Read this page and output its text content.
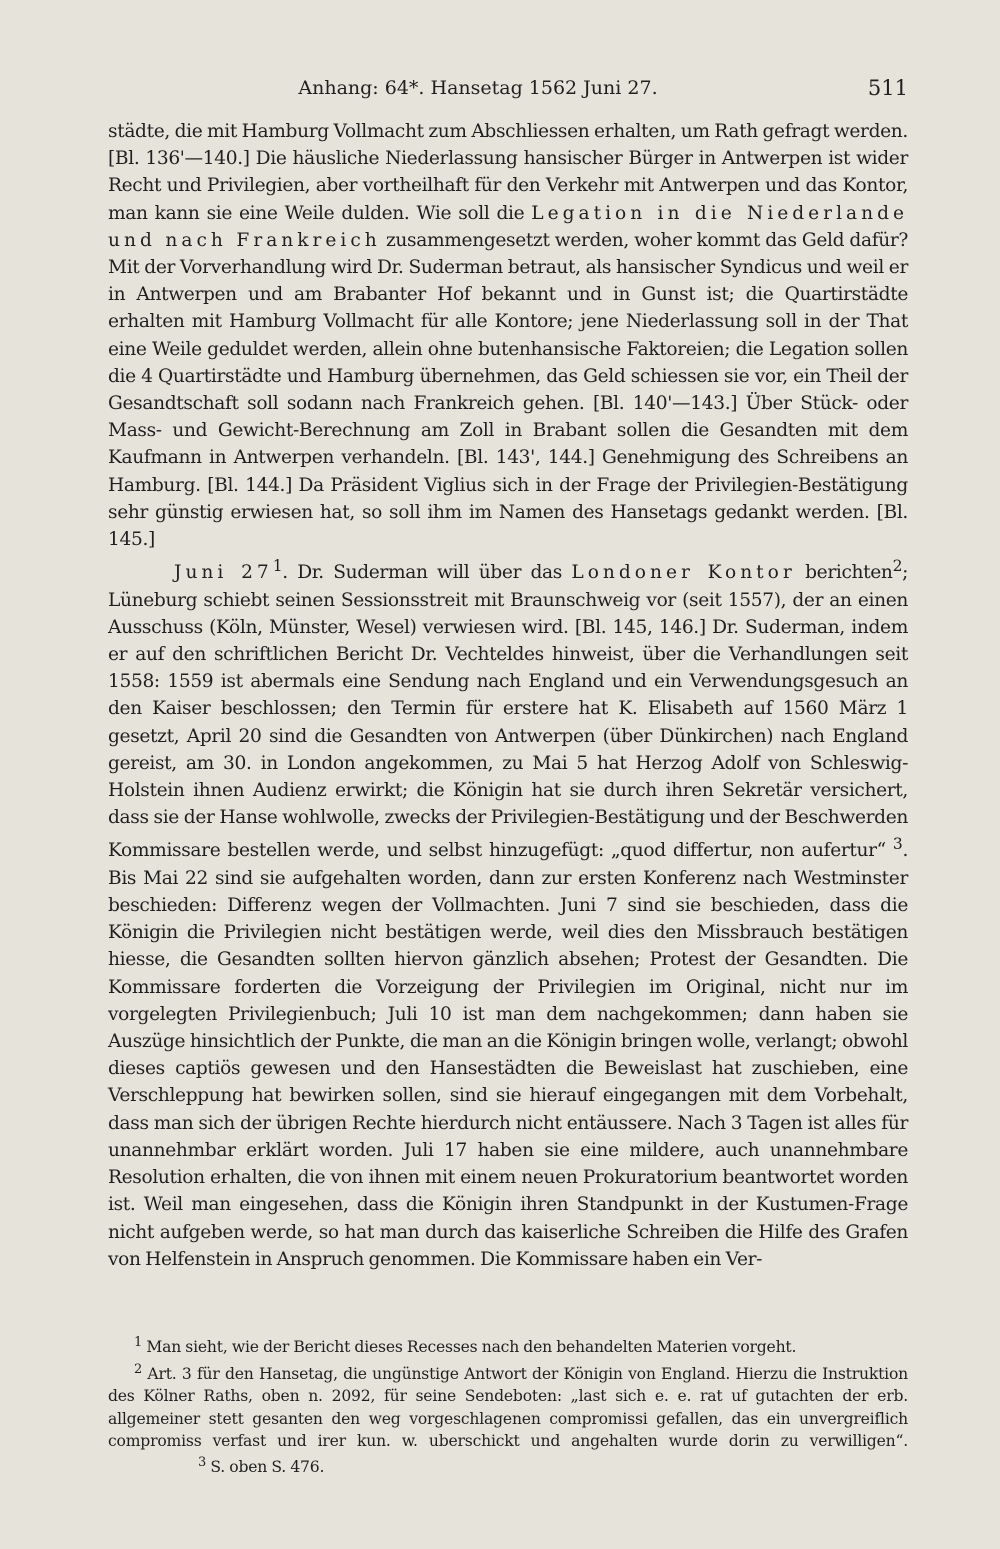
Anhang: 64*. Hansetag 1562 Juni 27.	511

städte, die mit Hamburg Vollmacht zum Abschliessen erhalten, um Rath gefragt werden. [Bl. 136'—140.] Die häusliche Niederlassung hansischer Bürger in Antwerpen ist wider Recht und Privilegien, aber vortheilhaft für den Verkehr mit Antwerpen und das Kontor, man kann sie eine Weile dulden. Wie soll die Legation in die Niederlande und nach Frankreich zusammengesetzt werden, woher kommt das Geld dafür? Mit der Vorverhandlung wird Dr. Suderman betraut, als hansischer Syndicus und weil er in Antwerpen und am Brabanter Hof bekannt und in Gunst ist; die Quartirstädte erhalten mit Hamburg Vollmacht für alle Kontore; jene Niederlassung soll in der That eine Weile geduldet werden, allein ohne butenhansische Faktoreien; die Legation sollen die 4 Quartirstädte und Hamburg übernehmen, das Geld schiessen sie vor, ein Theil der Gesandtschaft soll sodann nach Frankreich gehen. [Bl. 140'—143.] Über Stück- oder Mass- und Gewicht-Berechnung am Zoll in Brabant sollen die Gesandten mit dem Kaufmann in Antwerpen verhandeln. [Bl. 143', 144.] Genehmigung des Schreibens an Hamburg. [Bl. 144.] Da Präsident Viglius sich in der Frage der Privilegien-Bestätigung sehr günstig erwiesen hat, so soll ihm im Namen des Hansetags gedankt werden. [Bl. 145.]

Juni $27^1$. Dr. Suderman will über das Londoner Kontor berichten$^2$; Lüneburg schiebt seinen Sessionsstreit mit Braunschweig vor (seit 1557), der an einen Ausschuss (Köln, Münster, Wesel) verwiesen wird. [Bl. 145, 146.] Dr. Suderman, indem er auf den schriftlichen Bericht Dr. Vechteldes hinweist, über die Verhandlungen seit 1558: 1559 ist abermals eine Sendung nach England und ein Verwendungsgesuch an den Kaiser beschlossen; den Termin für erstere hat K. Elisabeth auf 1560 März 1 gesetzt, April 20 sind die Gesandten von Antwerpen (über Dünkirchen) nach England gereist, am 30. in London angekommen, zu Mai 5 hat Herzog Adolf von Schleswig-Holstein ihnen Audienz erwirkt; die Königin hat sie durch ihren Sekretär versichert, dass sie der Hanse wohlwolle, zwecks der Privilegien-Bestätigung und der Beschwerden Kommissare bestellen werde, und selbst hinzugefügt: „quod differtur, non aufertur“ $^3$. Bis Mai 22 sind sie aufgehalten worden, dann zur ersten Konferenz nach Westminster beschieden: Differenz wegen der Vollmachten. Juni 7 sind sie beschieden, dass die Königin die Privilegien nicht bestätigen werde, weil dies den Missbrauch bestätigen hiesse, die Gesandten sollten hiervon gänzlich absehen; Protest der Gesandten. Die Kommissare forderten die Vorzeigung der Privilegien im Original, nicht nur im vorgelegten Privilegienbuch; Juli 10 ist man dem nachgekommen; dann haben sie Auszüge hinsichtlich der Punkte, die man an die Königin bringen wolle, verlangt; obwohl dieses captiös gewesen und den Hansestädten die Beweislast hat zuschieben, eine Verschleppung hat bewirken sollen, sind sie hierauf eingegangen mit dem Vorbehalt, dass man sich der übrigen Rechte hierdurch nicht entäussere. Nach 3 Tagen ist alles für unannehmbar erklärt worden. Juli 17 haben sie eine mildere, auch unannehmbare Resolution erhalten, die von ihnen mit einem neuen Prokuratorium beantwortet worden ist. Weil man eingesehen, dass die Königin ihren Standpunkt in der Kustumen-Frage nicht aufgeben werde, so hat man durch das kaiserliche Schreiben die Hilfe des Grafen von Helfenstein in Anspruch genommen. Die Kommissare haben ein Ver-

$^1$ Man sieht, wie der Bericht dieses Recesses nach den behandelten Materien vorgeht.

$^2$ Art. 3 für den Hansetag, die ungünstige Antwort der Königin von England. Hierzu die Instruktion des Kölner Raths, oben n. 2092, für seine Sendeboten: „last sich e. e. rat uf gutachten der erb. allgemeiner stett gesanten den weg vorgeschlagenen compromissi gefallen, das ein unvergreiflich compromiss verfast und irer kun. w. uberschickt und angehalten wurde dorin zu verwilligen“.$^3$ S. oben S. 476.
